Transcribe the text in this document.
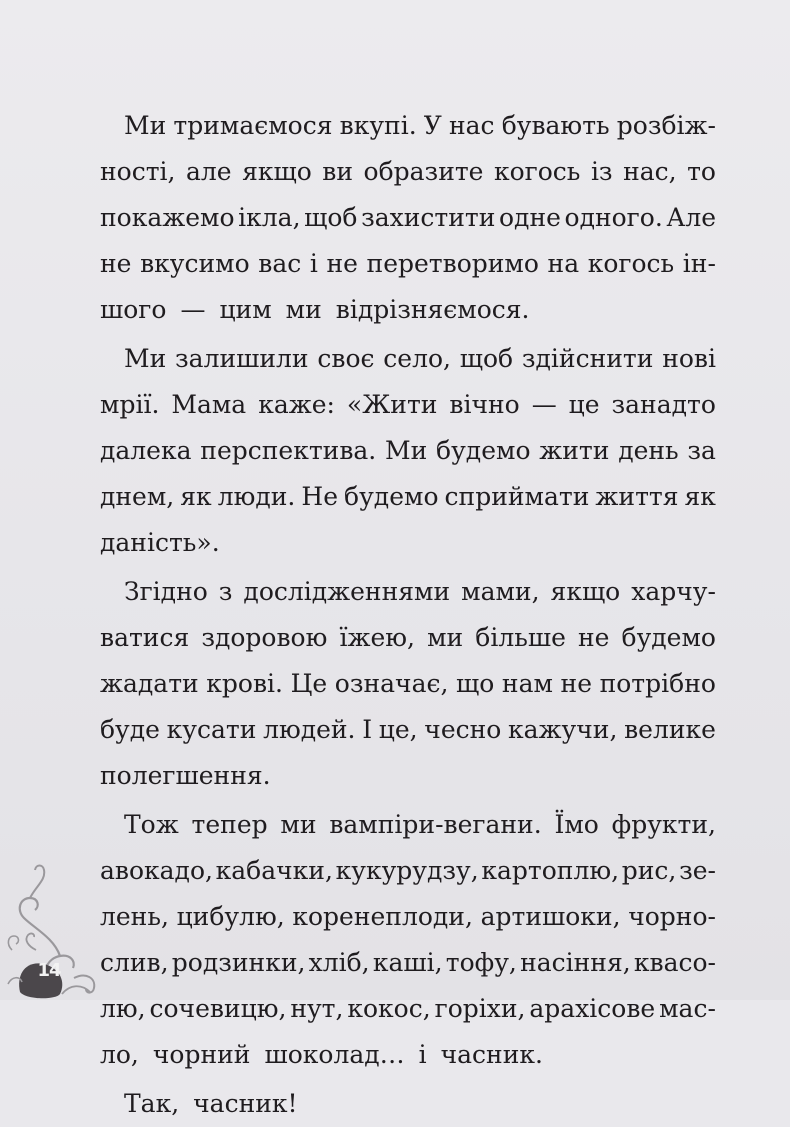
Ми тримаємося вкупі. У нас бувають розбіж-
ності, але якщо ви образите когось із нас, то
покажемо ікла, щоб захистити одне одного. Але
не вкусимо вас і не перетворимо на когось ін-
шого — цим ми відрізняємося.
Ми залишили своє село, щоб здійснити нові
мрії. Мама каже: «Жити вічно — це занадто
далека перспектива. Ми будемо жити день за
днем, як люди. Не будемо сприймати життя як
даність».
Згідно з дослідженнями мами, якщо харчу-
ватися здоровою їжею, ми більше не будемо
жадати крові. Це означає, що нам не потрібно
буде кусати людей. І це, чесно кажучи, велике
полегшення.
Тож тепер ми вампіри-вегани. Їмо фрукти,
авокадо, кабачки, кукурудзу, картоплю, рис, зе-
лень, цибулю, коренеплоди, артишоки, чорно-
слив, родзинки, хліб, каші, тофу, насіння, квасо-
лю, сочевицю, нут, кокос, горіхи, арахісове мас-
ло, чорний шоколад… і часник.
Так, часник!
14
